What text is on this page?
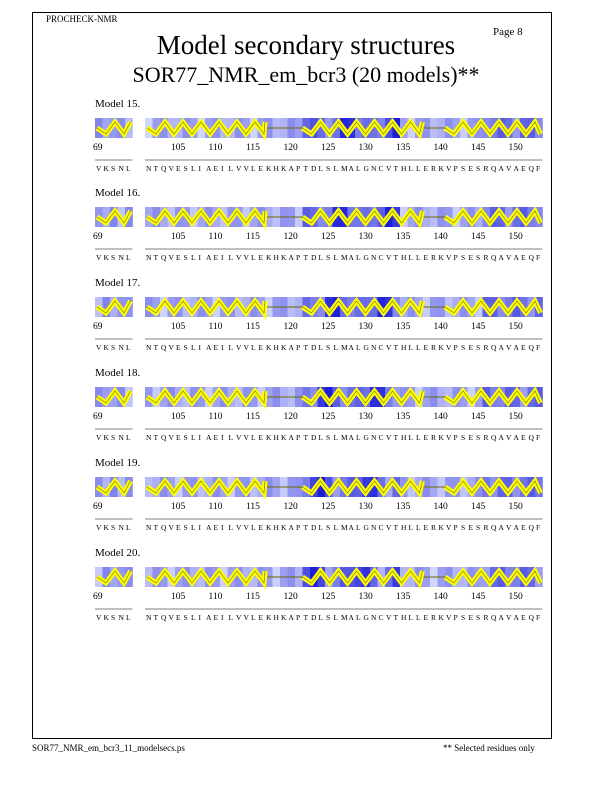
PROCHECK-NMR
Page 8
Model secondary structures
SOR77_NMR_em_bcr3 (20 models)**
Model 15.
69	105 110 115 120 125 130 135 140 145 150
V K S N L N T Q V E S L I A E I L V V L E K H K A P T D L S L M A L G N C V T H L L E R K V P S E S R Q A V A E Q F
Model 16.
69	105 110 115 120 125 130 135 140 145 150
V K S N L N T Q V E S L I A E I L V V L E K H K A P T D L S L M A L G N C V T H L L E R K V P S E S R Q A V A E Q F
Model 17.
69	105 110 115 120 125 130 135 140 145 150
V K S N L N T Q V E S L I A E I L V V L E K H K A P T D L S L M A L G N C V T H L L E R K V P S E S R Q A V A E Q F
Model 18.
69	105 110 115 120 125 130 135 140 145 150
V K S N L N T Q V E S L I A E I L V V L E K H K A P T D L S L M A L G N C V T H L L E R K V P S E S R Q A V A E Q F
Model 19.
69	105 110 115 120 125 130 135 140 145 150
V K S N L N T Q V E S L I A E I L V V L E K H K A P T D L S L M A L G N C V T H L L E R K V P S E S R Q A V A E Q F
Model 20.
69	105 110 115 120 125 130 135 140 145 150
V K S N L N T Q V E S L I A E I L V V L E K H K A P T D L S L M A L G N C V T H L L E R K V P S E S R Q A V A E Q F
SOR77_NMR_em_bcr3_11_modelsecs.ps	** Selected residues only
